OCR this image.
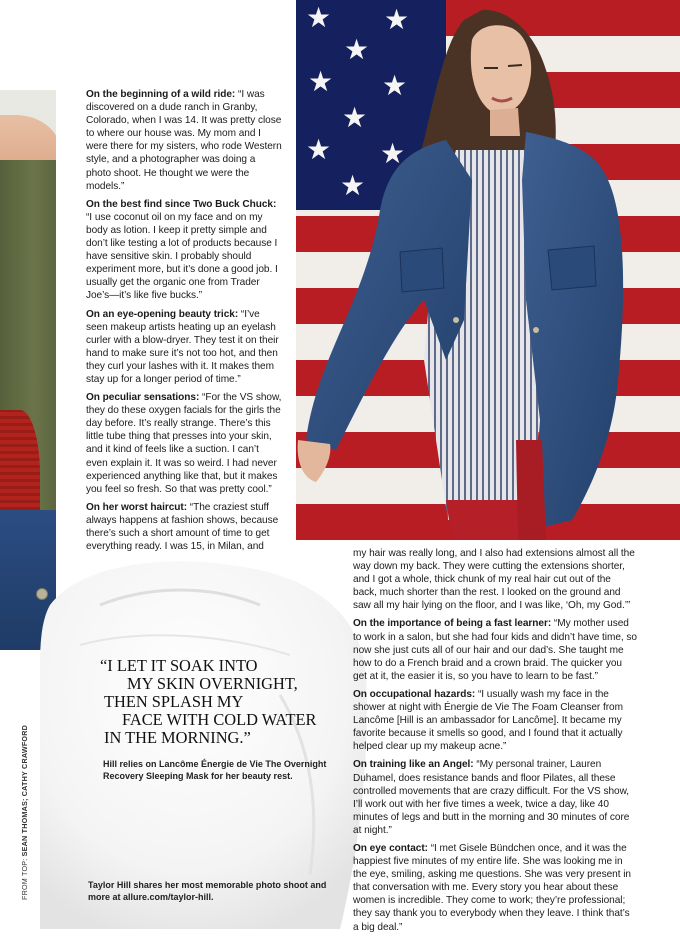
★ ★
★
★ ★
★
★ ★
★

On the beginning of a wild ride: “I was discovered on a dude ranch in Granby, Colorado, when I was 14. It was pretty close to where our house was. My mom and I were there for my sisters, who rode Western style, and a photographer was doing a photo shoot. He thought we were the models.”

On the best find since Two Buck Chuck: “I use coconut oil on my face and on my body as lotion. I keep it pretty simple and don’t like testing a lot of products because I have sensitive skin. I probably should experiment more, but it’s done a good job. I usually get the organic one from Trader Joe’s—it’s like five bucks.”

On an eye-opening beauty trick: “I’ve seen makeup artists heating up an eyelash curler with a blow-dryer. They test it on their hand to make sure it’s not too hot, and then they curl your lashes with it. It makes them stay up for a longer period of time.”

On peculiar sensations: “For the VS show, they do these oxygen facials for the girls the day before. It’s really strange. There’s this little tube thing that presses into your skin, and it kind of feels like a suction. I can’t even explain it. It was so weird. I had never experienced anything like that, but it makes you feel so fresh. So that was pretty cool.”

On her worst haircut: “The craziest stuff always happens at fashion shows, because there’s such a short amount of time to get everything ready. I was 15, in Milan, and

my hair was really long, and I also had extensions almost all the way down my back. They were cutting the extensions shorter, and I got a whole, thick chunk of my real hair cut out of the back, much shorter than the rest. I looked on the ground and saw all my hair lying on the floor, and I was like, ‘Oh, my God.’”

On the importance of being a fast learner: “My mother used to work in a salon, but she had four kids and didn’t have time, so now she just cuts all of our hair and our dad’s. She taught me how to do a French braid and a crown braid. The quicker you get at it, the easier it is, so you have to learn to be fast.”

On occupational hazards: “I usually wash my face in the shower at night with Énergie de Vie The Foam Cleanser from Lancôme [Hill is an ambassador for Lancôme]. It became my favorite because it smells so good, and I found that it actually helped clear up my makeup acne.”

On training like an Angel: “My personal trainer, Lauren Duhamel, does resistance bands and floor Pilates, all these controlled movements that are crazy difficult. For the VS show, I’ll work out with her five times a week, twice a day, like 40 minutes of legs and butt in the morning and 30 minutes of core at night.”

On eye contact: “I met Gisele Bündchen once, and it was the happiest five minutes of my entire life. She was looking me in the eye, smiling, asking me questions. She was very present in that conversation with me. Every story you hear about these women is incredible. They come to work; they’re professional; they say thank you to everybody when they leave. I think that’s a big deal.”

“I LET IT SOAK INTO
MY SKIN OVERNIGHT,
THEN SPLASH MY
FACE WITH COLD WATER
IN THE MORNING.”
Hill relies on Lancôme Énergie de Vie The Overnight Recovery Sleeping Mask for her beauty rest.
Taylor Hill shares her most memorable photo shoot and more at allure.com/taylor-hill.
FROM TOP: SEAN THOMAS; CATHY CRAWFORD
